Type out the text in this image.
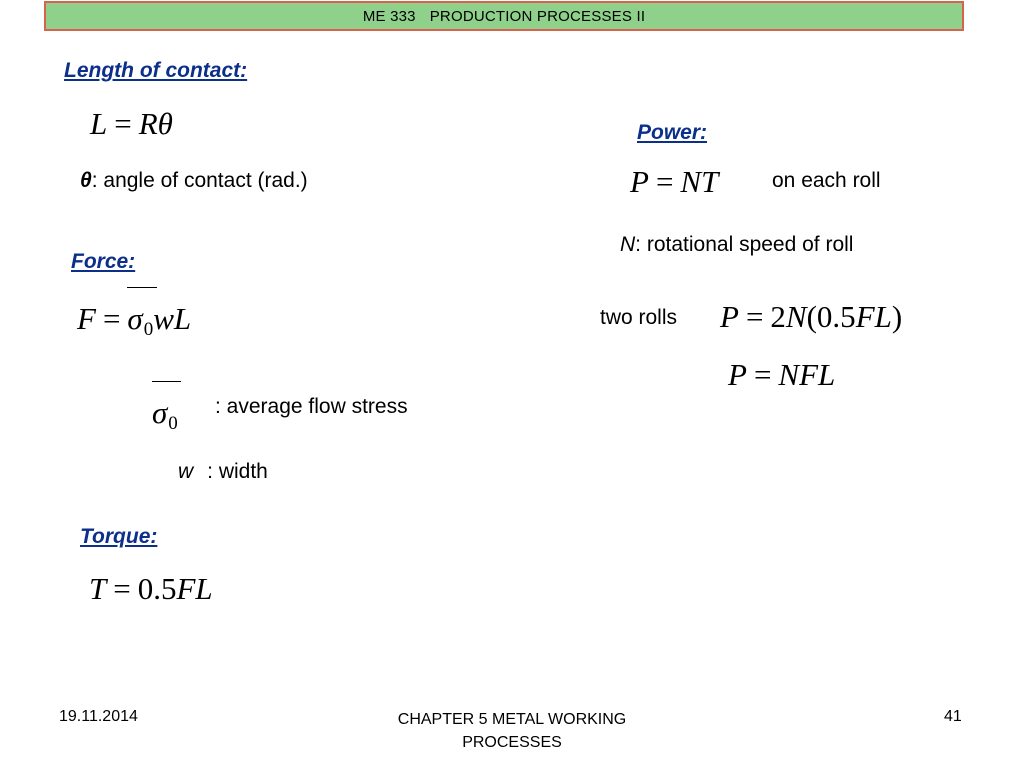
ME 333 PRODUCTION PROCESSES II
Length of contact:
L = Rθ
θ: angle of contact (rad.)
Force:
$F = \sigma_0wL$
$\sigma_0$
: average flow stress
w : width
Torque:
T = 0.5FL
Power:
P = NT	on each roll
N: rotational speed of roll
two rolls P = 2N(0.5FL)
P = NFL
19.11.2014	CHAPTER 5 METAL WORKING
PROCESSES
41
